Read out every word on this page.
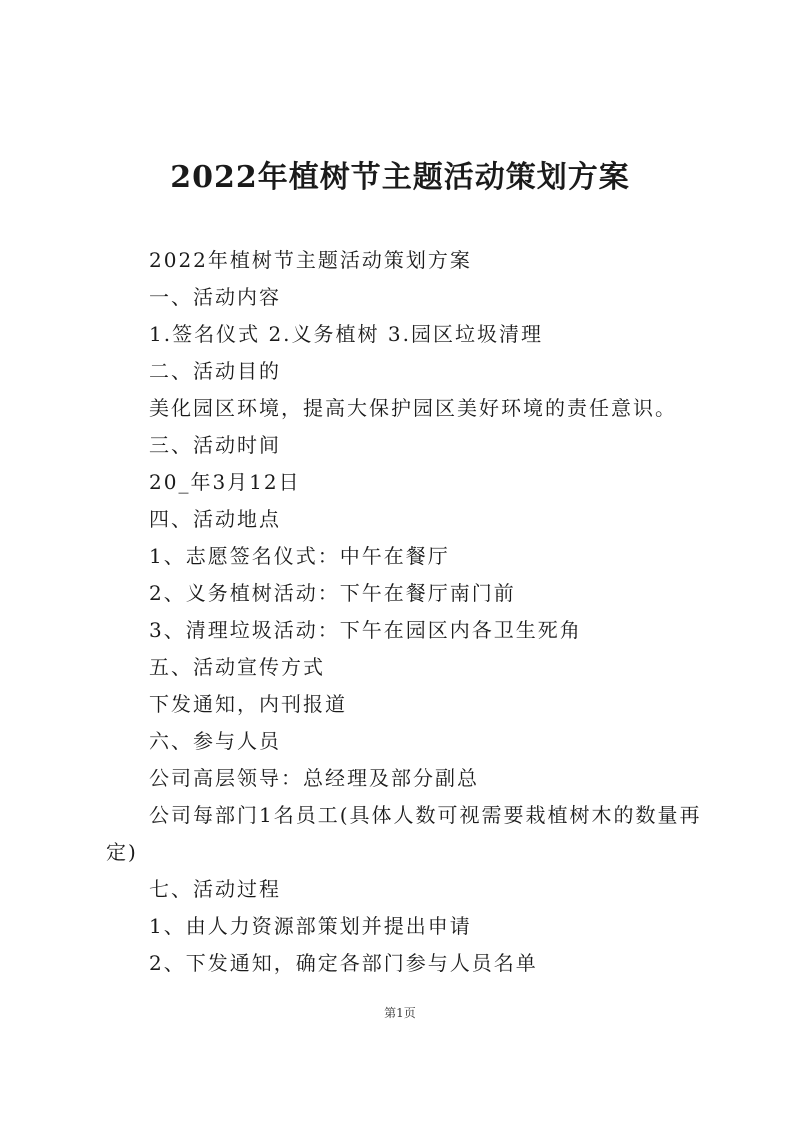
2022年植树节主题活动策划方案

2022年植树节主题活动策划方案

一、活动内容

1.签名仪式 2.义务植树 3.园区垃圾清理

二、活动目的

美化园区环境，提高大保护园区美好环境的责任意识。

三、活动时间

20_年3月12日

四、活动地点

1、志愿签名仪式：中午在餐厅

2、义务植树活动：下午在餐厅南门前

3、清理垃圾活动：下午在园区内各卫生死角

五、活动宣传方式

下发通知，内刊报道

六、参与人员

公司高层领导：总经理及部分副总

公司每部门1名员工(具体人数可视需要栽植树木的数量再定)

七、活动过程

1、由人力资源部策划并提出申请

2、下发通知，确定各部门参与人员名单

第1页
